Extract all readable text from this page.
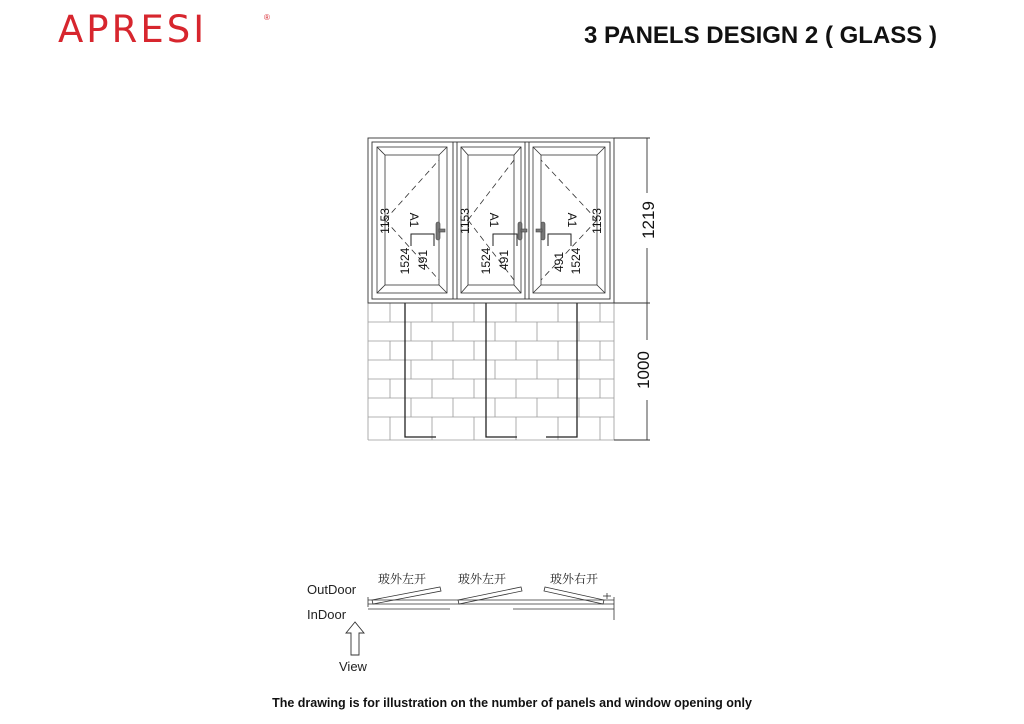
APRESI	®
3 PANELS DESIGN 2 ( GLASS )
1153 A1
1524 491
1153 A1
1524 491
1153
A1
491 1524
1219
1000
OutDoor
InDoor
View
玻外左开	玻外左开	玻外右开
The drawing is for illustration on the number of panels and window opening only
